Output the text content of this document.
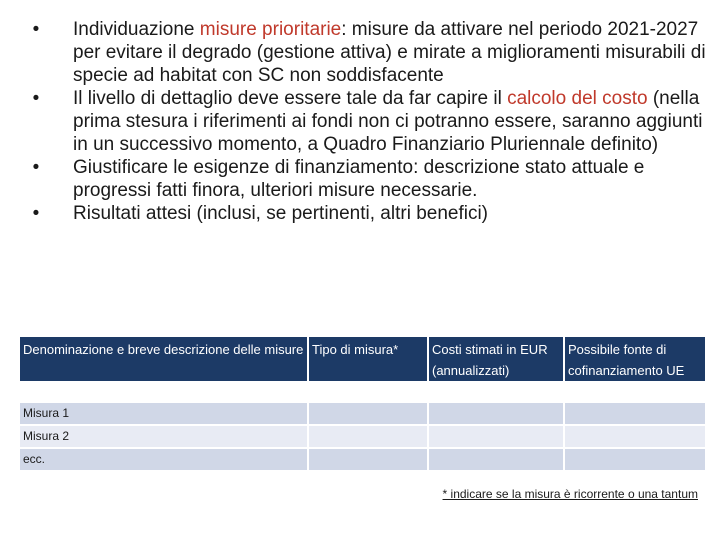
•	Individuazione misure prioritarie: misure da attivare nel periodo 2021-2027 per evitare il degrado (gestione attiva) e mirate a miglioramenti misurabili di specie ad habitat con SC non soddisfacente
•	Il livello di dettaglio deve essere tale da far capire il calcolo del costo (nella prima stesura i riferimenti ai fondi non ci potranno essere, saranno aggiunti in un successivo momento, a Quadro Finanziario Pluriennale definito)
•	Giustificare le esigenze di finanziamento: descrizione stato attuale e progressi fatti finora, ulteriori misure necessarie.
•	Risultati attesi (inclusi, se pertinenti, altri benefici)
Denominazione e breve descrizione delle misure	Tipo di misura*	Costi stimati in EUR (annualizzati)	Possibile fonte di cofinanziamento UE
Misura 1			
Misura 2			
ecc.			
* indicare se la misura è ricorrente o una tantum
